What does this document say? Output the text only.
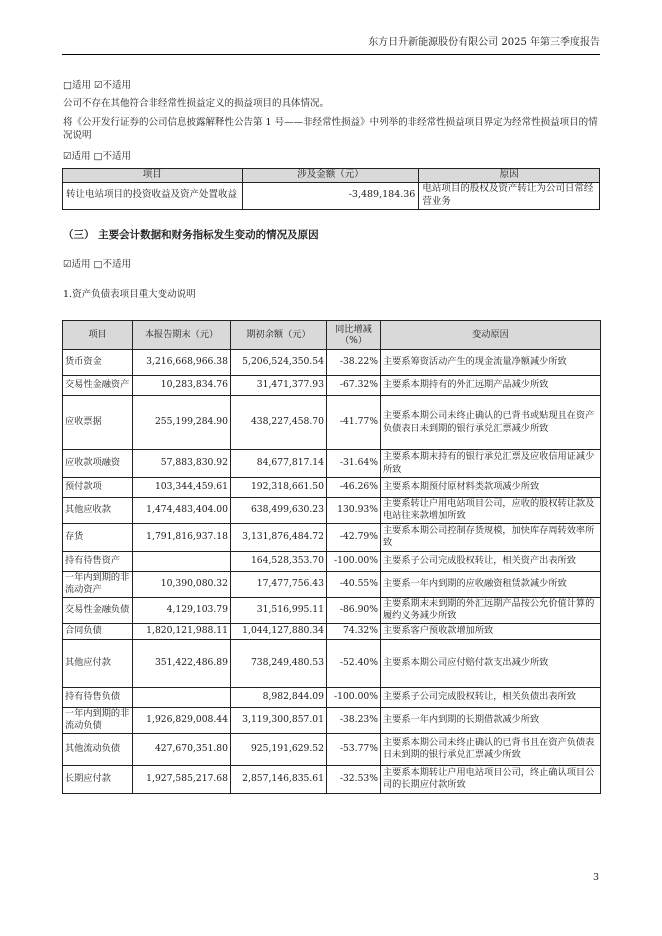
东方日升新能源股份有限公司 2025 年第三季度报告
□适用 ☑不适用
公司不存在其他符合非经常性损益定义的损益项目的具体情况。
将《公开发行证券的公司信息披露解释性公告第 1 号——非经常性损益》中列举的非经常性损益项目界定为经常性损益项目的情况说明
☑适用 □不适用
项目	涉及金额（元）	原因
转让电站项目的投资收益及资产处置收益	-3,489,184.36	电站项目的股权及资产转让为公司日常经营业务
（三） 主要会计数据和财务指标发生变动的情况及原因
☑适用 □不适用
1.资产负债表项目重大变动说明
项目	本报告期末（元）	期初余额（元）	同比增减（%）	变动原因
货币资金	3,216,668,966.38	5,206,524,350.54	-38.22%	主要系筹资活动产生的现金流量净额减少所致
交易性金融资产	10,283,834.76	31,471,377.93	-67.32%	主要系本期持有的外汇远期产品减少所致
应收票据	255,199,284.90	438,227,458.70	-41.77%	主要系本期公司未终止确认的已背书或贴现且在资产负债表日未到期的银行承兑汇票减少所致
应收款项融资	57,883,830.92	84,677,817.14	-31.64%	主要系本期末持有的银行承兑汇票及应收信用证减少所致
预付款项	103,344,459.61	192,318,661.50	-46.26%	主要系本期预付原材料类款项减少所致
其他应收款	1,474,483,404.00	638,499,630.23	130.93%	主要系转让户用电站项目公司，应收的股权转让款及电站往来款增加所致
存货	1,791,816,937.18	3,131,876,484.72	-42.79%	主要系本期公司控制存货规模，加快库存周转效率所致
持有待售资产		164,528,353.70	-100.00%	主要系子公司完成股权转让，相关资产出表所致
一年内到期的非流动资产	10,390,080.32	17,477,756.43	-40.55%	主要系一年内到期的应收融资租赁款减少所致
交易性金融负债	4,129,103.79	31,516,995.11	-86.90%	主要系期末未到期的外汇远期产品按公允价值计算的履约义务减少所致
合同负债	1,820,121,988.11	1,044,127,880.34	74.32%	主要系客户预收款增加所致
其他应付款	351,422,486.89	738,249,480.53	-52.40%	主要系本期公司应付赔付款支出减少所致
持有待售负债		8,982,844.09	-100.00%	主要系子公司完成股权转让，相关负债出表所致
一年内到期的非流动负债	1,926,829,008.44	3,119,300,857.01	-38.23%	主要系一年内到期的长期借款减少所致
其他流动负债	427,670,351.80	925,191,629.52	-53.77%	主要系本期公司未终止确认的已背书且在资产负债表日未到期的银行承兑汇票减少所致
长期应付款	1,927,585,217.68	2,857,146,835.61	-32.53%	主要系本期转让户用电站项目公司，终止确认项目公司的长期应付款所致
3
